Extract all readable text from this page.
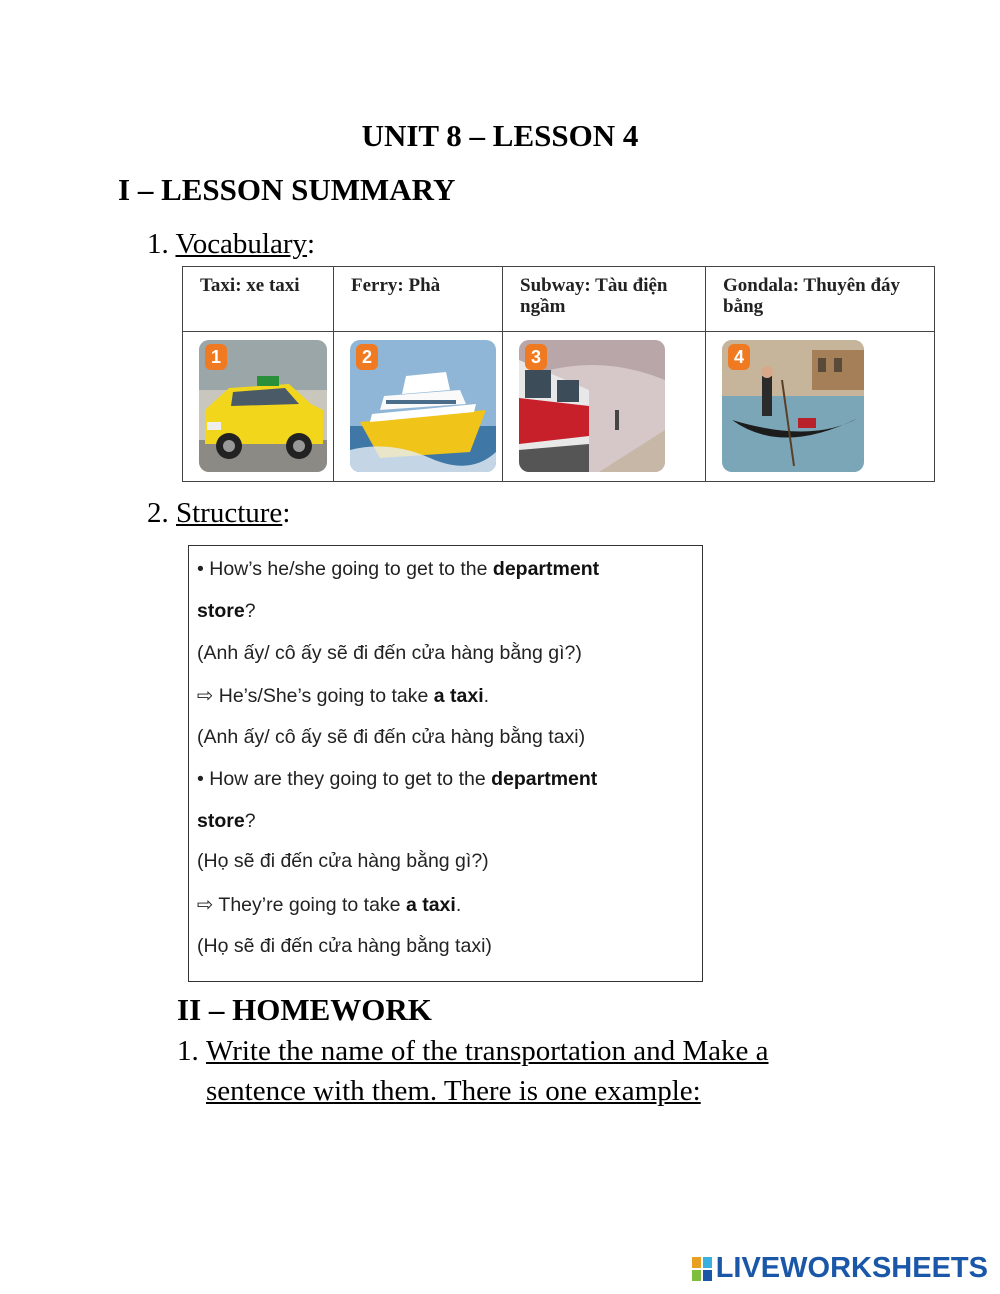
UNIT 8 – LESSON 4
I – LESSON SUMMARY
1. Vocabulary:
Taxi: xe taxi	Ferry: Phà	Subway: Tàu điện ngầm	Gondala: Thuyên đáy bằng

1	2	3	4
2. Structure:
• How’s he/she going to get to the department
store?
(Anh ấy/ cô ấy sẽ đi đến cửa hàng bằng gì?)
⇨ He’s/She’s going to take a taxi.
(Anh ấy/ cô ấy sẽ đi đến cửa hàng bằng taxi)
• How are they going to get to the department
store?
(Họ sẽ đi đến cửa hàng bằng gì?)
⇨ They’re going to take a taxi.
(Họ sẽ đi đến cửa hàng bằng taxi)
II – HOMEWORK
1. Write the name of the transportation and Make a
sentence with them. There is one example:
LIVEWORKSHEETS
